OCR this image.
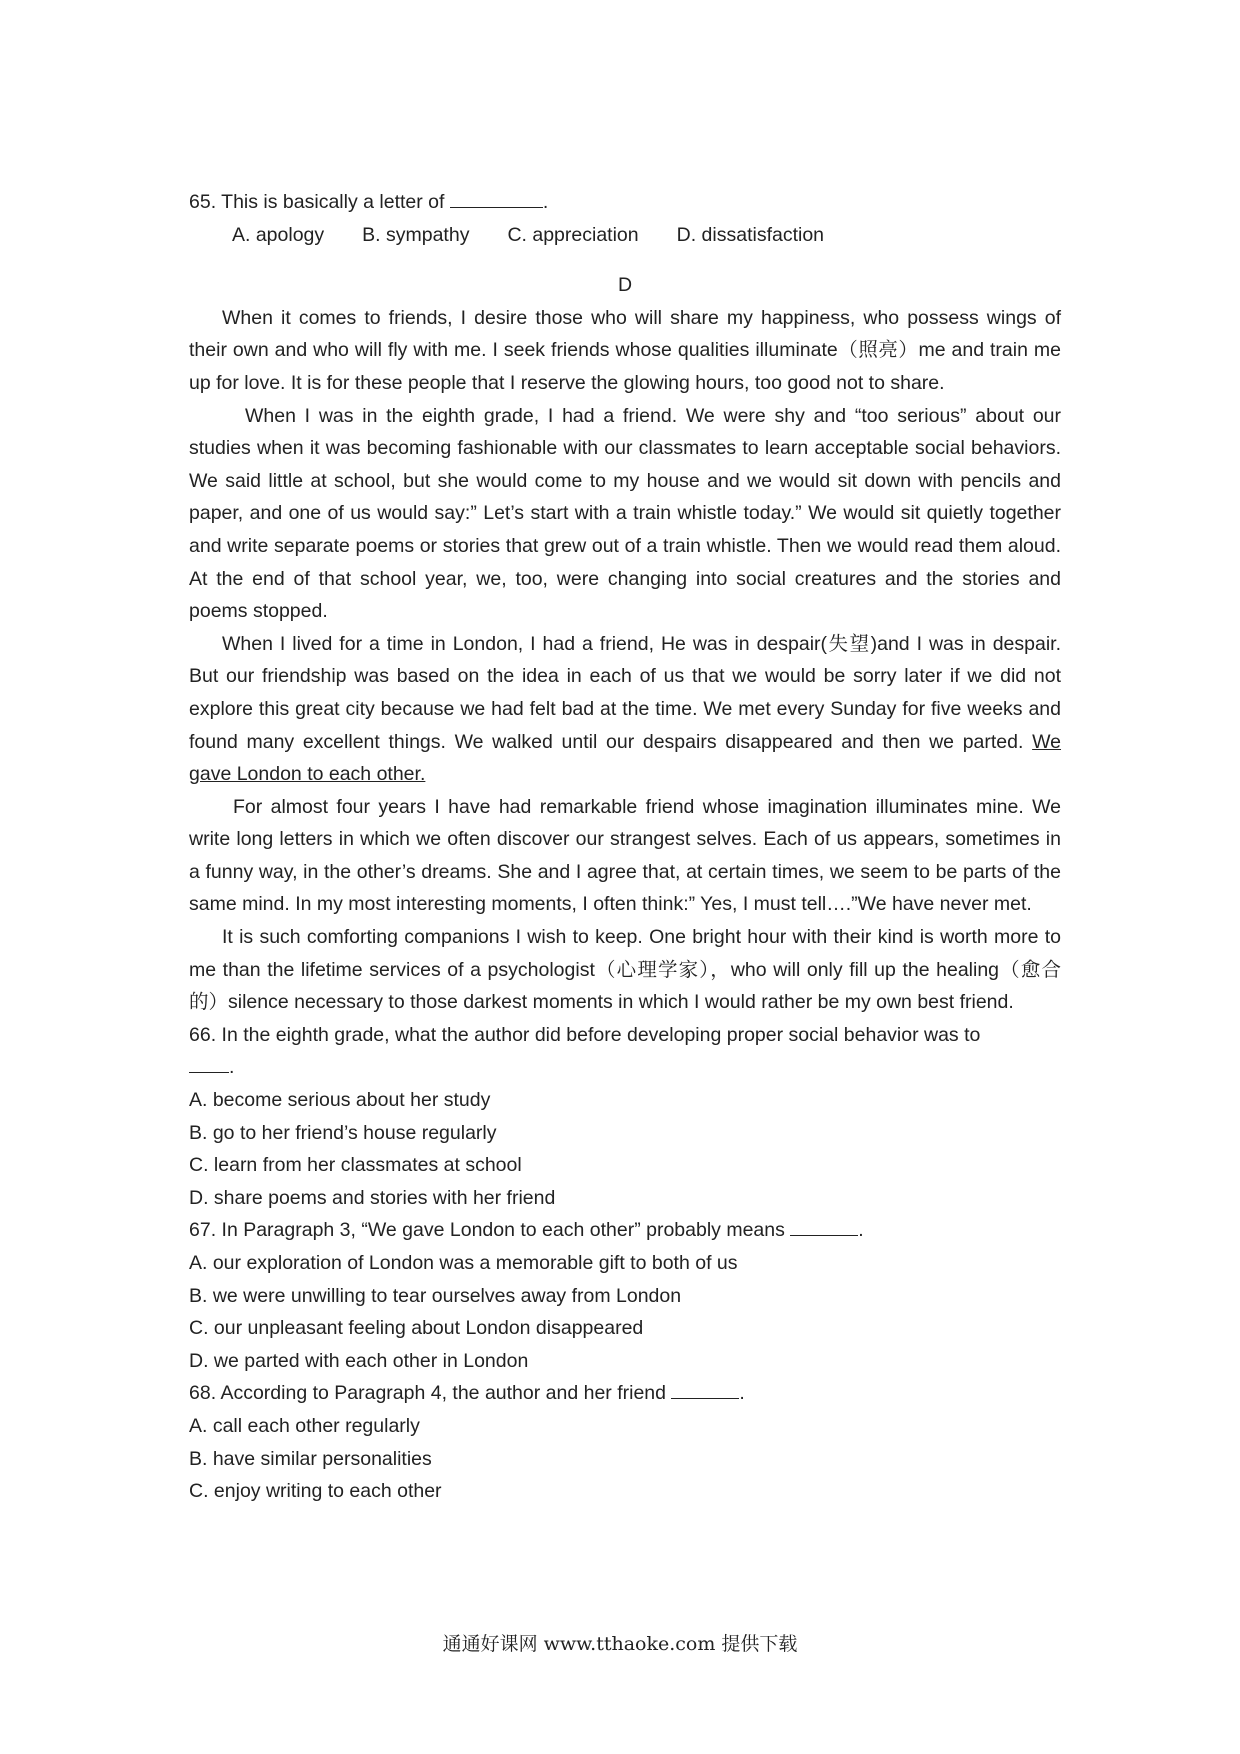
65. This is basically a letter of	.
A. apology B. sympathy C. appreciation D. dissatisfaction
D

When it comes to friends, I desire those who will share my happiness, who possess wings of their own and who will fly with me. I seek friends whose qualities illuminate（照亮）me and train me up for love. It is for these people that I reserve the glowing hours, too good not to share.

When I was in the eighth grade, I had a friend. We were shy and “too serious” about our studies when it was becoming fashionable with our classmates to learn acceptable social behaviors. We said little at school, but she would come to my house and we would sit down with pencils and paper, and one of us would say:” Let’s start with a train whistle today.” We would sit quietly together and write separate poems or stories that grew out of a train whistle. Then we would read them aloud. At the end of that school year, we, too, were changing into social creatures and the stories and poems stopped.

When I lived for a time in London, I had a friend, He was in despair(失望)and I was in despair. But our friendship was based on the idea in each of us that we would be sorry later if we did not explore this great city because we had felt bad at the time. We met every Sunday for five weeks and found many excellent things. We walked until our despairs disappeared and then we parted. We gave London to each other.

For almost four years I have had remarkable friend whose imagination illuminates mine. We write long letters in which we often discover our strangest selves. Each of us appears, sometimes in a funny way, in the other’s dreams. She and I agree that, at certain times, we seem to be parts of the same mind. In my most interesting moments, I often think:” Yes, I must tell….”We have never met.

It is such comforting companions I wish to keep. One bright hour with their kind is worth more to me than the lifetime services of a psychologist（心理学家），who will only fill up the healing（愈合的）silence necessary to those darkest moments in which I would rather be my own best friend.

66. In the eighth grade, what the author did before developing proper social behavior was to

.
A. become serious about her study
B. go to her friend’s house regularly
C. learn from her classmates at school
D. share poems and stories with her friend
67. In Paragraph 3, “We gave London to each other” probably means	.
A. our exploration of London was a memorable gift to both of us
B. we were unwilling to tear ourselves away from London
C. our unpleasant feeling about London disappeared
D. we parted with each other in London
68. According to Paragraph 4, the author and her friend	.
A. call each other regularly
B. have similar personalities
C. enjoy writing to each other
通通好课网 www.tthaoke.com 提供下载
